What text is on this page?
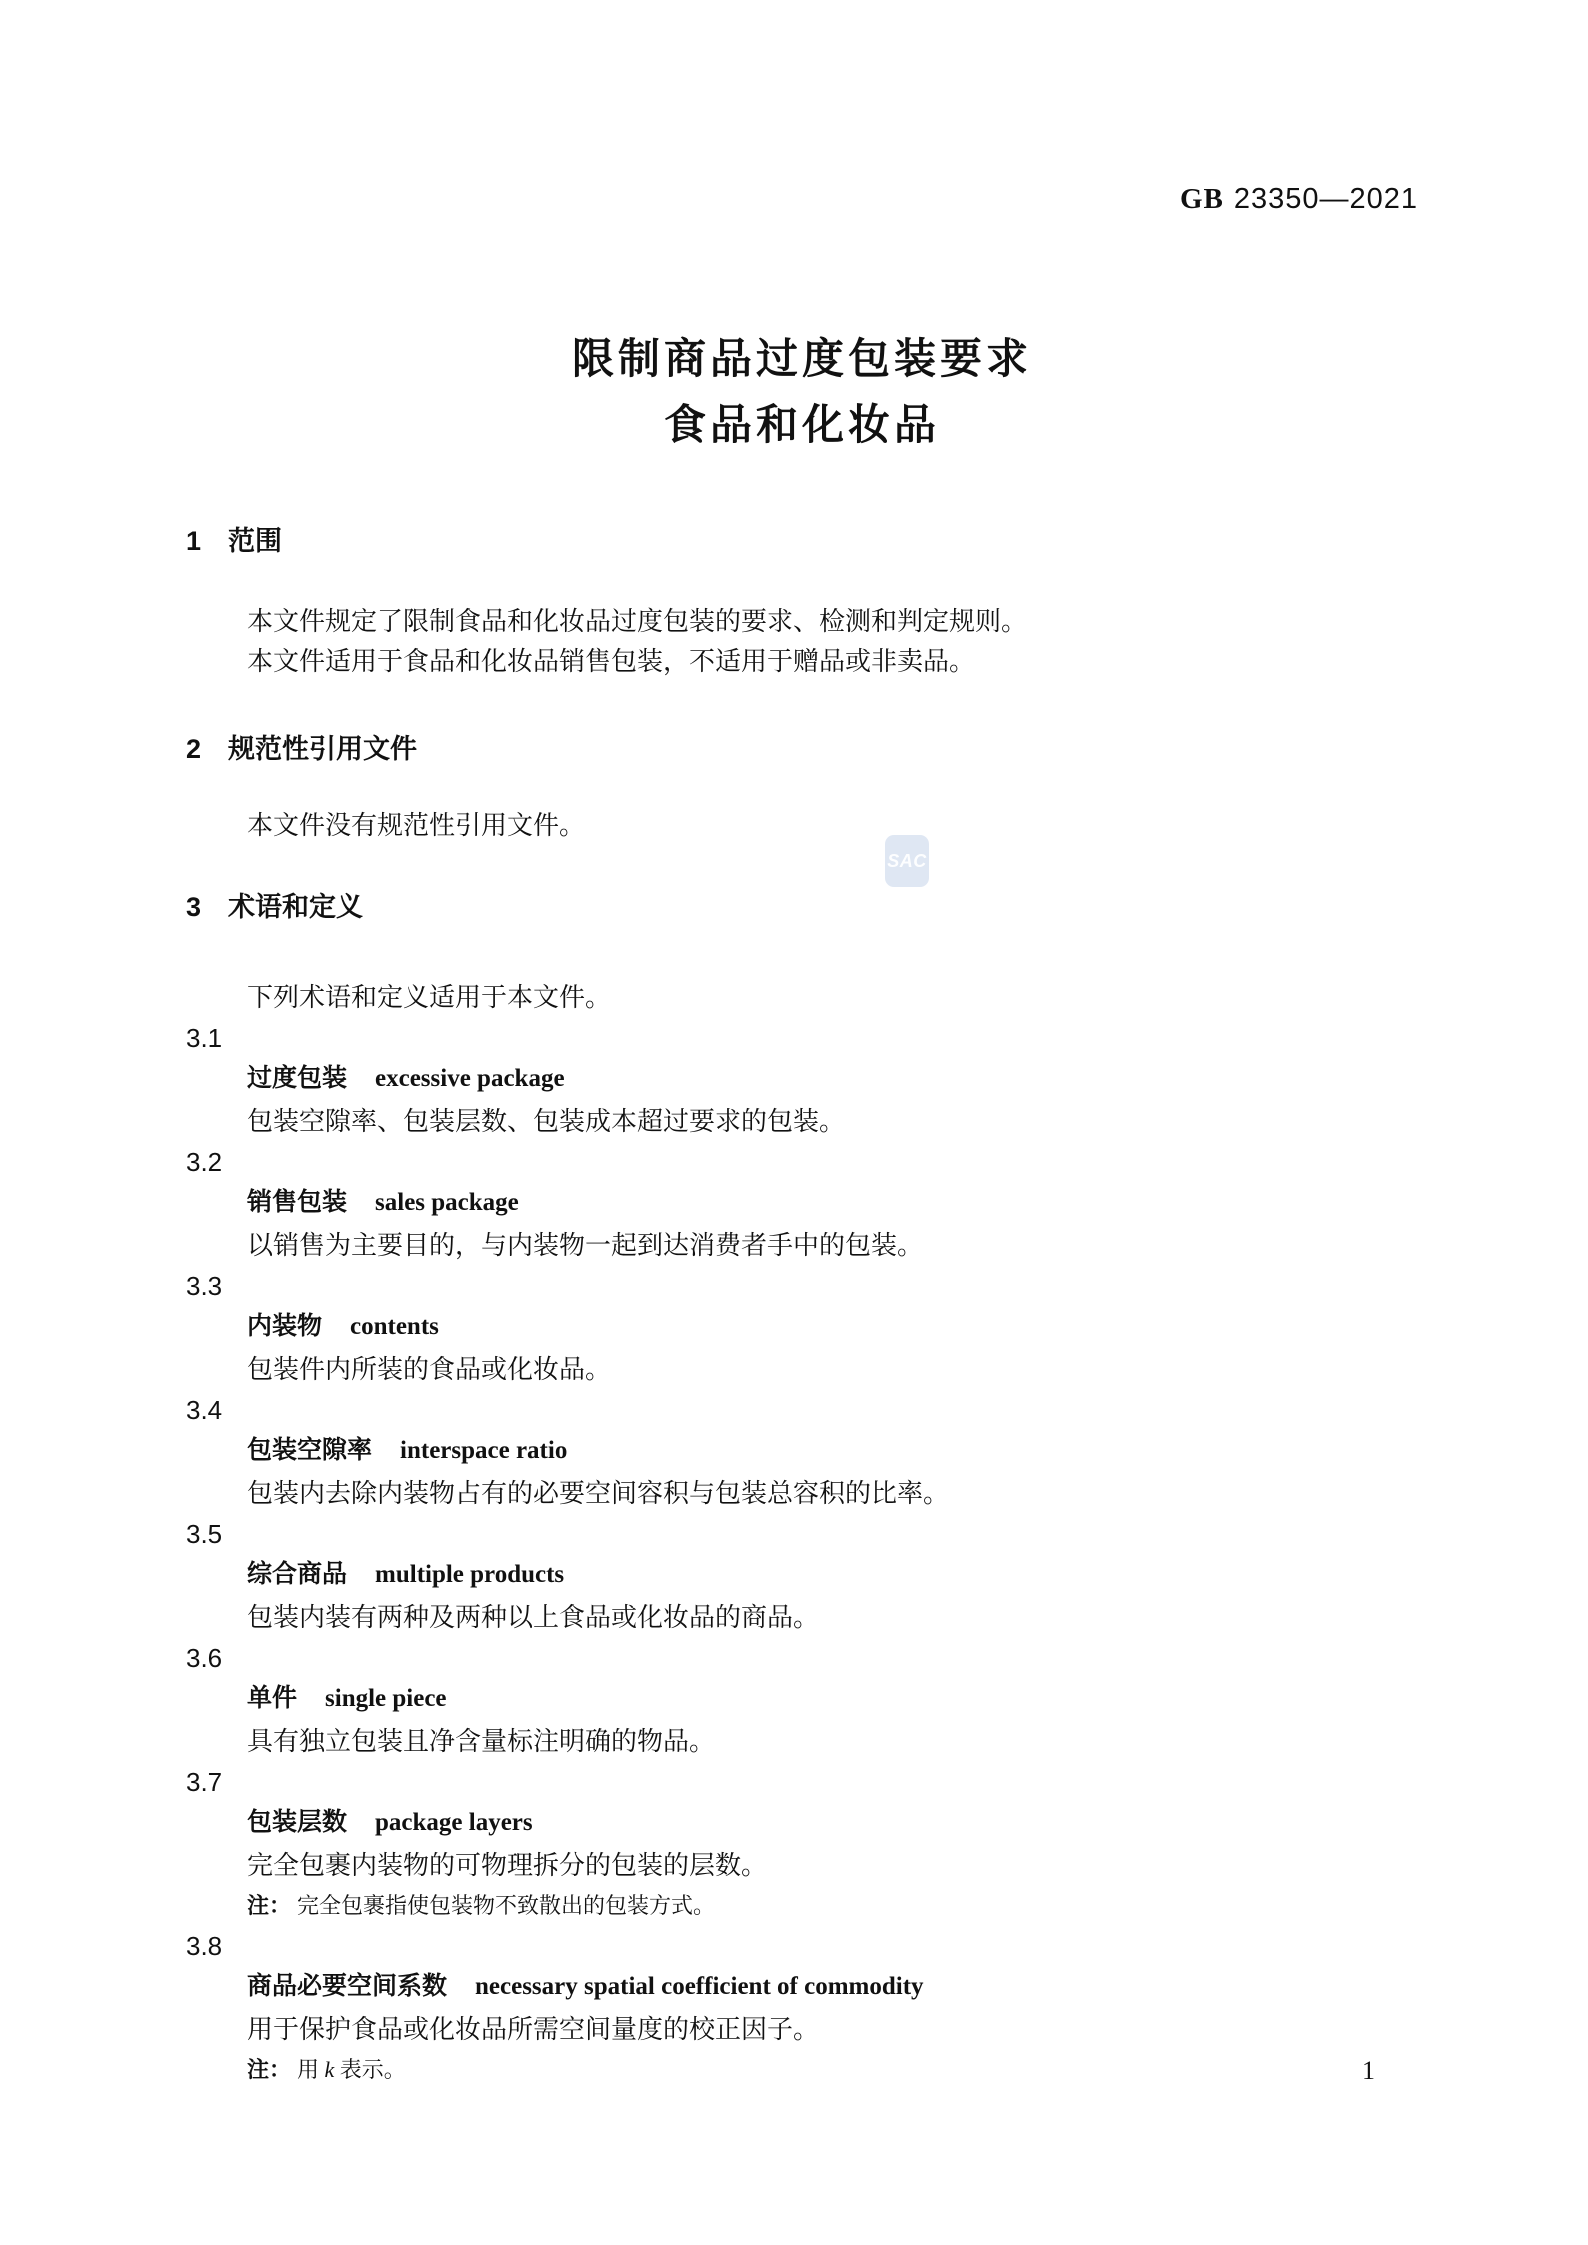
SAC
GB 23350—2021
限制商品过度包装要求
食品和化妆品
1 范围

本文件规定了限制食品和化妆品过度包装的要求、检测和判定规则。

本文件适用于食品和化妆品销售包装，不适用于赠品或非卖品。

2 规范性引用文件

本文件没有规范性引用文件。

3 术语和定义

下列术语和定义适用于本文件。

3.1
过度包装 excessive package
包装空隙率、包装层数、包装成本超过要求的包装。
3.2
销售包装 sales package
以销售为主要目的，与内装物一起到达消费者手中的包装。
3.3
内装物 contents
包装件内所装的食品或化妆品。
3.4
包装空隙率 interspace ratio
包装内去除内装物占有的必要空间容积与包装总容积的比率。
3.5
综合商品 multiple products
包装内装有两种及两种以上食品或化妆品的商品。
3.6
单件 single piece
具有独立包装且净含量标注明确的物品。
3.7
包装层数 package layers
完全包裹内装物的可物理拆分的包装的层数。
注： 完全包裹指使包装物不致散出的包装方式。
3.8
商品必要空间系数 necessary spatial coefficient of commodity
用于保护食品或化妆品所需空间量度的校正因子。
注： 用 k 表示。	1
